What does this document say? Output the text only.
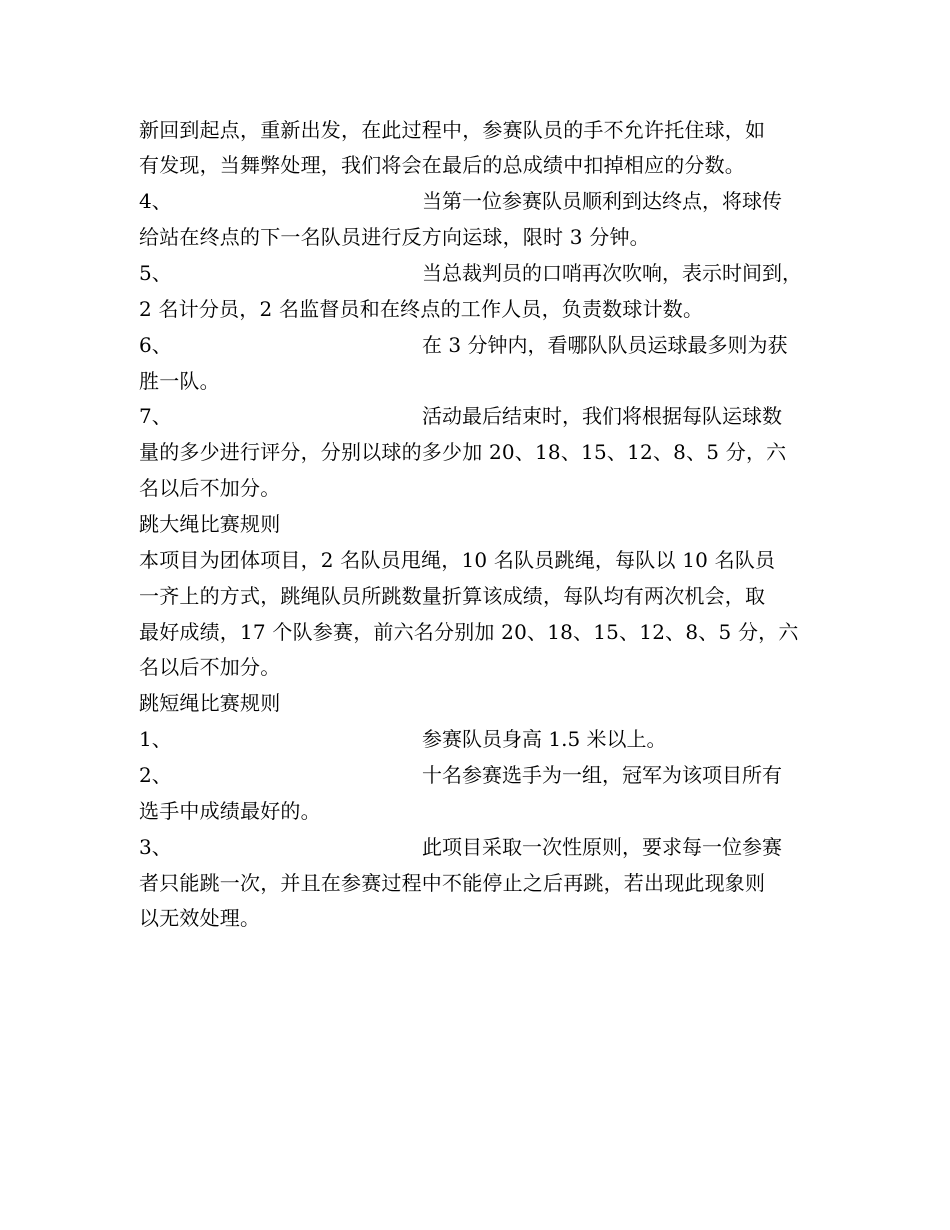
新回到起点，重新出发，在此过程中，参赛队员的手不允许托住球，如
有发现，当舞弊处理，我们将会在最后的总成绩中扣掉相应的分数。
4、	当第一位参赛队员顺利到达终点，将球传
给站在终点的下一名队员进行反方向运球，限时 3 分钟。
5、	当总裁判员的口哨再次吹响，表示时间到，
2 名计分员，2 名监督员和在终点的工作人员，负责数球计数。
6、	在 3 分钟内，看哪队队员运球最多则为获
胜一队。
7、	活动最后结束时，我们将根据每队运球数
量的多少进行评分，分别以球的多少加 20、18、15、12、8、5 分，六
名以后不加分。
跳大绳比赛规则
本项目为团体项目，2 名队员甩绳，10 名队员跳绳，每队以 10 名队员
一齐上的方式，跳绳队员所跳数量折算该成绩，每队均有两次机会，取
最好成绩，17 个队参赛，前六名分别加 20、18、15、12、8、5 分，六
名以后不加分。
跳短绳比赛规则
1、	参赛队员身高 1.5 米以上。
2、	十名参赛选手为一组，冠军为该项目所有
选手中成绩最好的。
3、	此项目采取一次性原则，要求每一位参赛
者只能跳一次，并且在参赛过程中不能停止之后再跳，若出现此现象则
以无效处理。
